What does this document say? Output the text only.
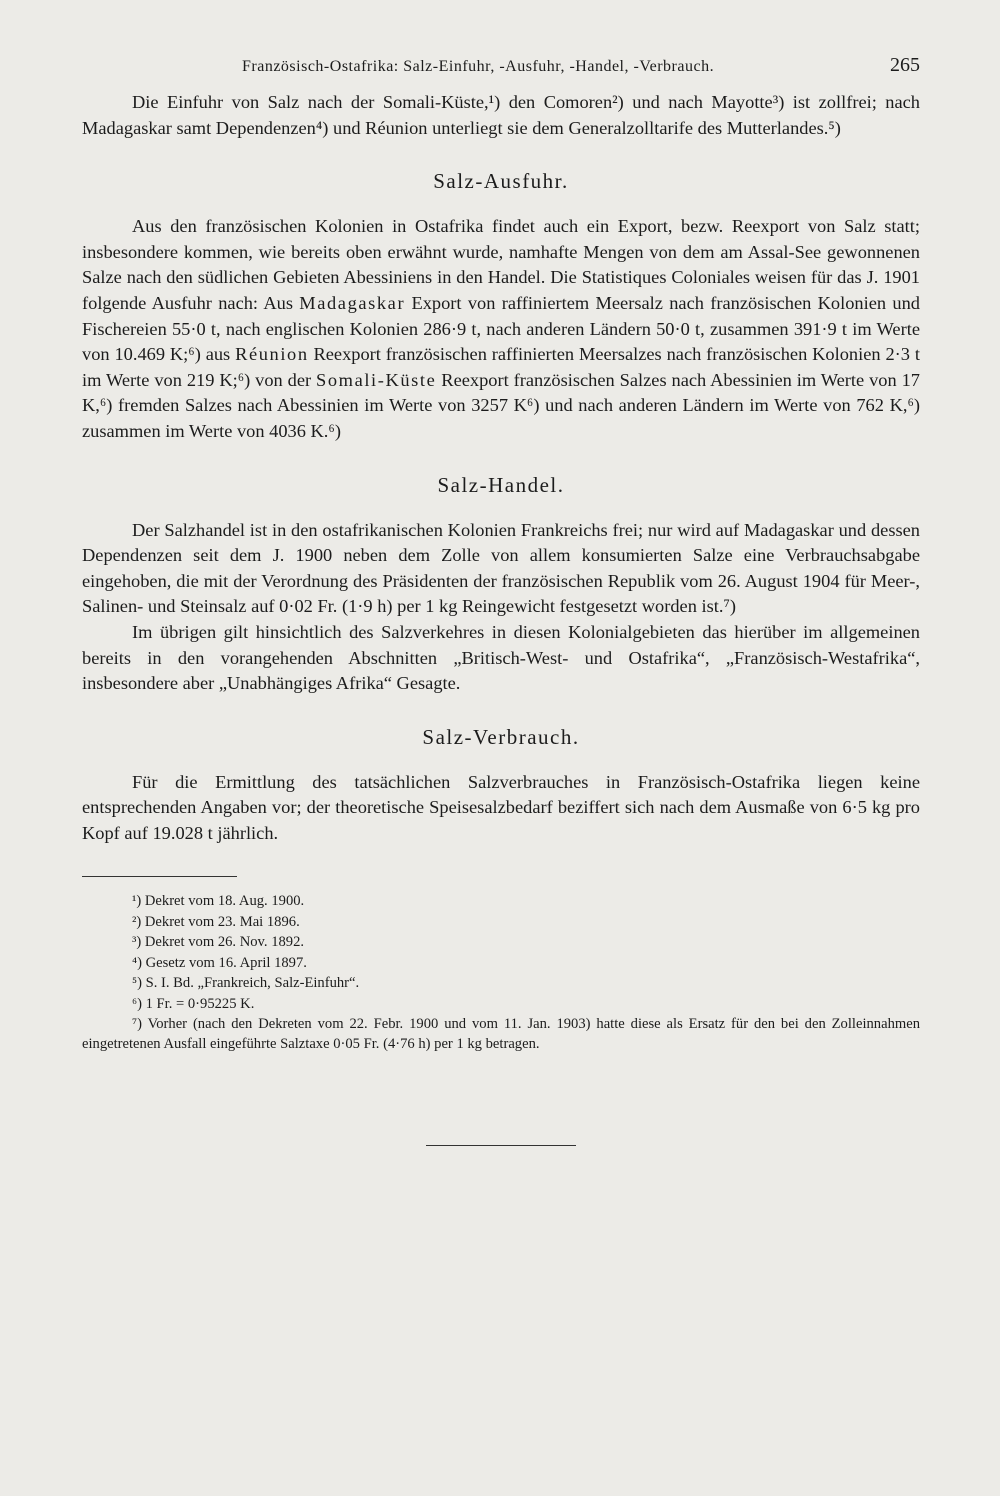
Französisch-Ostafrika: Salz-Einfuhr, -Ausfuhr, -Handel, -Verbrauch.	265

Die Einfuhr von Salz nach der Somali-Küste,¹) den Comoren²) und nach Mayotte³) ist zollfrei; nach Madagaskar samt Dependenzen⁴) und Réunion unterliegt sie dem Generalzolltarife des Mutterlandes.⁵)

Salz-Ausfuhr.

Aus den französischen Kolonien in Ostafrika findet auch ein Export, bezw. Reexport von Salz statt; insbesondere kommen, wie bereits oben erwähnt wurde, namhafte Mengen von dem am Assal-See gewonnenen Salze nach den südlichen Gebieten Abessiniens in den Handel. Die Statistiques Coloniales weisen für das J. 1901 folgende Ausfuhr nach: Aus Madagaskar Export von raffiniertem Meersalz nach französischen Kolonien und Fischereien 55·0 t, nach englischen Kolonien 286·9 t, nach anderen Ländern 50·0 t, zusammen 391·9 t im Werte von 10.469 K;⁶) aus Réunion Reexport französischen raffinierten Meersalzes nach französischen Kolonien 2·3 t im Werte von 219 K;⁶) von der Somali-Küste Reexport französischen Salzes nach Abessinien im Werte von 17 K,⁶) fremden Salzes nach Abessinien im Werte von 3257 K⁶) und nach anderen Ländern im Werte von 762 K,⁶) zusammen im Werte von 4036 K.⁶)

Salz-Handel.

Der Salzhandel ist in den ostafrikanischen Kolonien Frankreichs frei; nur wird auf Madagaskar und dessen Dependenzen seit dem J. 1900 neben dem Zolle von allem konsumierten Salze eine Verbrauchsabgabe eingehoben, die mit der Verordnung des Präsidenten der französischen Republik vom 26. August 1904 für Meer-, Salinen- und Steinsalz auf 0·02 Fr. (1·9 h) per 1 kg Reingewicht festgesetzt worden ist.⁷)

Im übrigen gilt hinsichtlich des Salzverkehres in diesen Kolonialgebieten das hierüber im allgemeinen bereits in den vorangehenden Abschnitten „Britisch-West- und Ostafrika“, „Französisch-Westafrika“, insbesondere aber „Unabhängiges Afrika“ Gesagte.

Salz-Verbrauch.

Für die Ermittlung des tatsächlichen Salzverbrauches in Französisch-Ostafrika liegen keine entsprechenden Angaben vor; der theoretische Speisesalzbedarf beziffert sich nach dem Ausmaße von 6·5 kg pro Kopf auf 19.028 t jährlich.

¹) Dekret vom 18. Aug. 1900.
²) Dekret vom 23. Mai 1896.
³) Dekret vom 26. Nov. 1892.
⁴) Gesetz vom 16. April 1897.
⁵) S. I. Bd. „Frankreich, Salz-Einfuhr“.
⁶) 1 Fr. = 0·95225 K.
⁷) Vorher (nach den Dekreten vom 22. Febr. 1900 und vom 11. Jan. 1903) hatte diese als Ersatz für den bei den Zolleinnahmen eingetretenen Ausfall eingeführte Salztaxe 0·05 Fr. (4·76 h) per 1 kg betragen.
